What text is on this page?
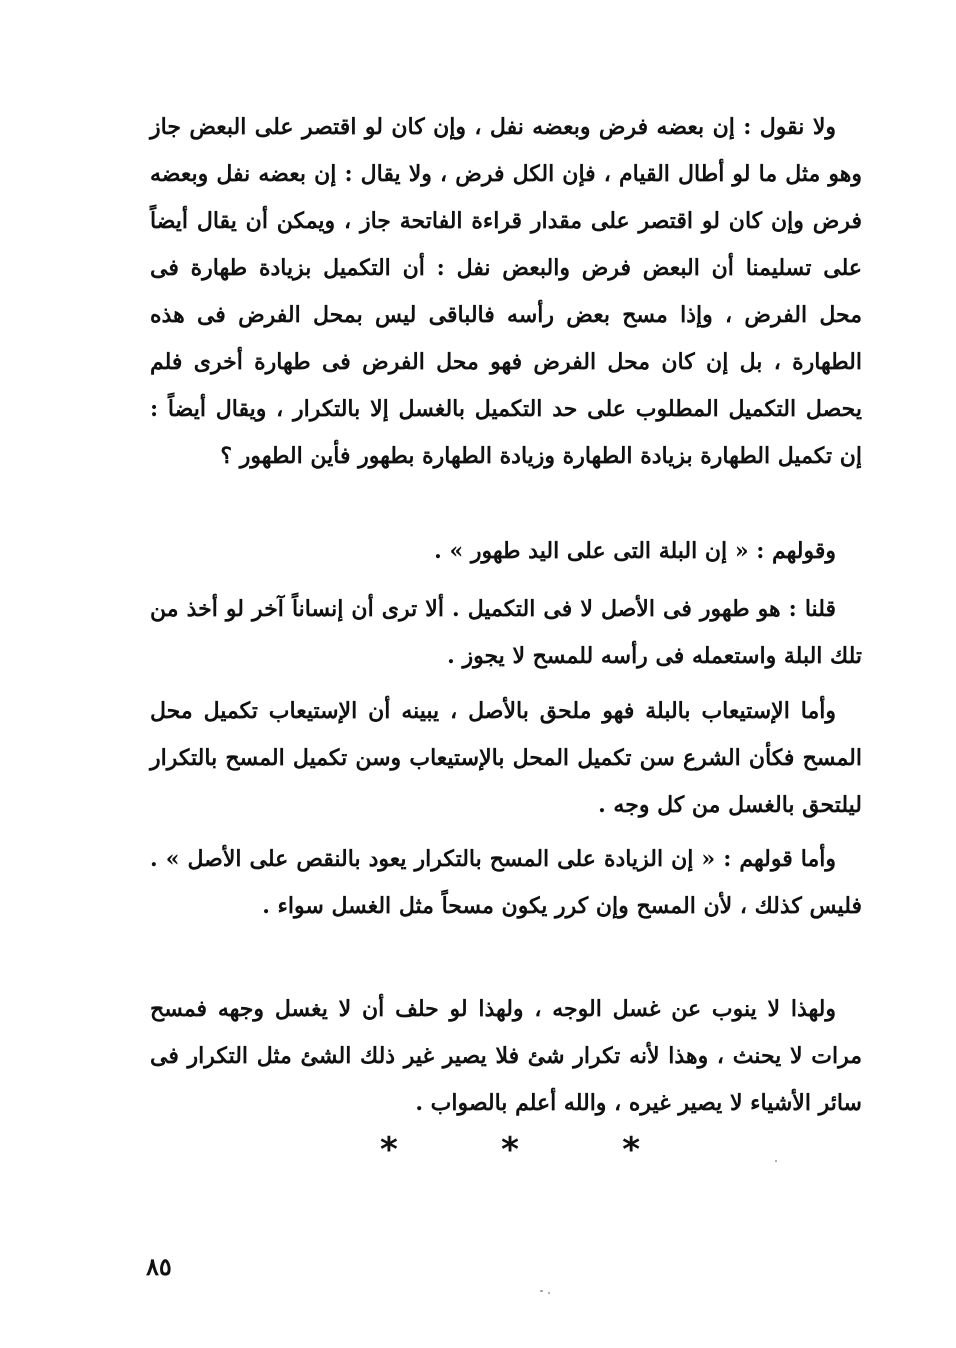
ولا نقول : إن بعضه فرض وبعضه نفل ، وإن كان لو اقتصر على البعض جاز وهو مثل ما لو أطال القيام ، فإن الكل فرض ، ولا يقال : إن بعضه نفل وبعضه فرض وإن كان لو اقتصر على مقدار قراءة الفاتحة جاز ، ويمكن أن يقال أيضاً على تسليمنا أن البعض فرض والبعض نفل : أن التكميل بزيادة طهارة فى محل الفرض ، وإذا مسح بعض رأسه فالباقى ليس بمحل الفرض فى هذه الطهارة ، بل إن كان محل الفرض فهو محل الفرض فى طهارة أخرى فلم يحصل التكميل المطلوب على حد التكميل بالغسل إلا بالتكرار ، ويقال أيضاً : إن تكميل الطهارة بزيادة الطهارة وزيادة الطهارة بطهور فأين الطهور ؟

وقولهم : « إن البلة التى على اليد طهور » .

قلنا : هو طهور فى الأصل لا فى التكميل . ألا ترى أن إنساناً آخر لو أخذ من تلك البلة واستعمله فى رأسه للمسح لا يجوز .

وأما الإستيعاب بالبلة فهو ملحق بالأصل ، يبينه أن الإستيعاب تكميل محل المسح فكأن الشرع سن تكميل المحل بالإستيعاب وسن تكميل المسح بالتكرار ليلتحق بالغسل من كل وجه .

وأما قولهم : « إن الزيادة على المسح بالتكرار يعود بالنقص على الأصل » . فليس كذلك ، لأن المسح وإن كرر يكون مسحاً مثل الغسل سواء .

ولهذا لا ينوب عن غسل الوجه ، ولهذا لو حلف أن لا يغسل وجهه فمسح مرات لا يحنث ، وهذا لأنه تكرار شئ فلا يصير غير ذلك الشئ مثل التكرار فى سائر الأشياء لا يصير غيره ، والله أعلم بالصواب .

*	*	*
٨٥
